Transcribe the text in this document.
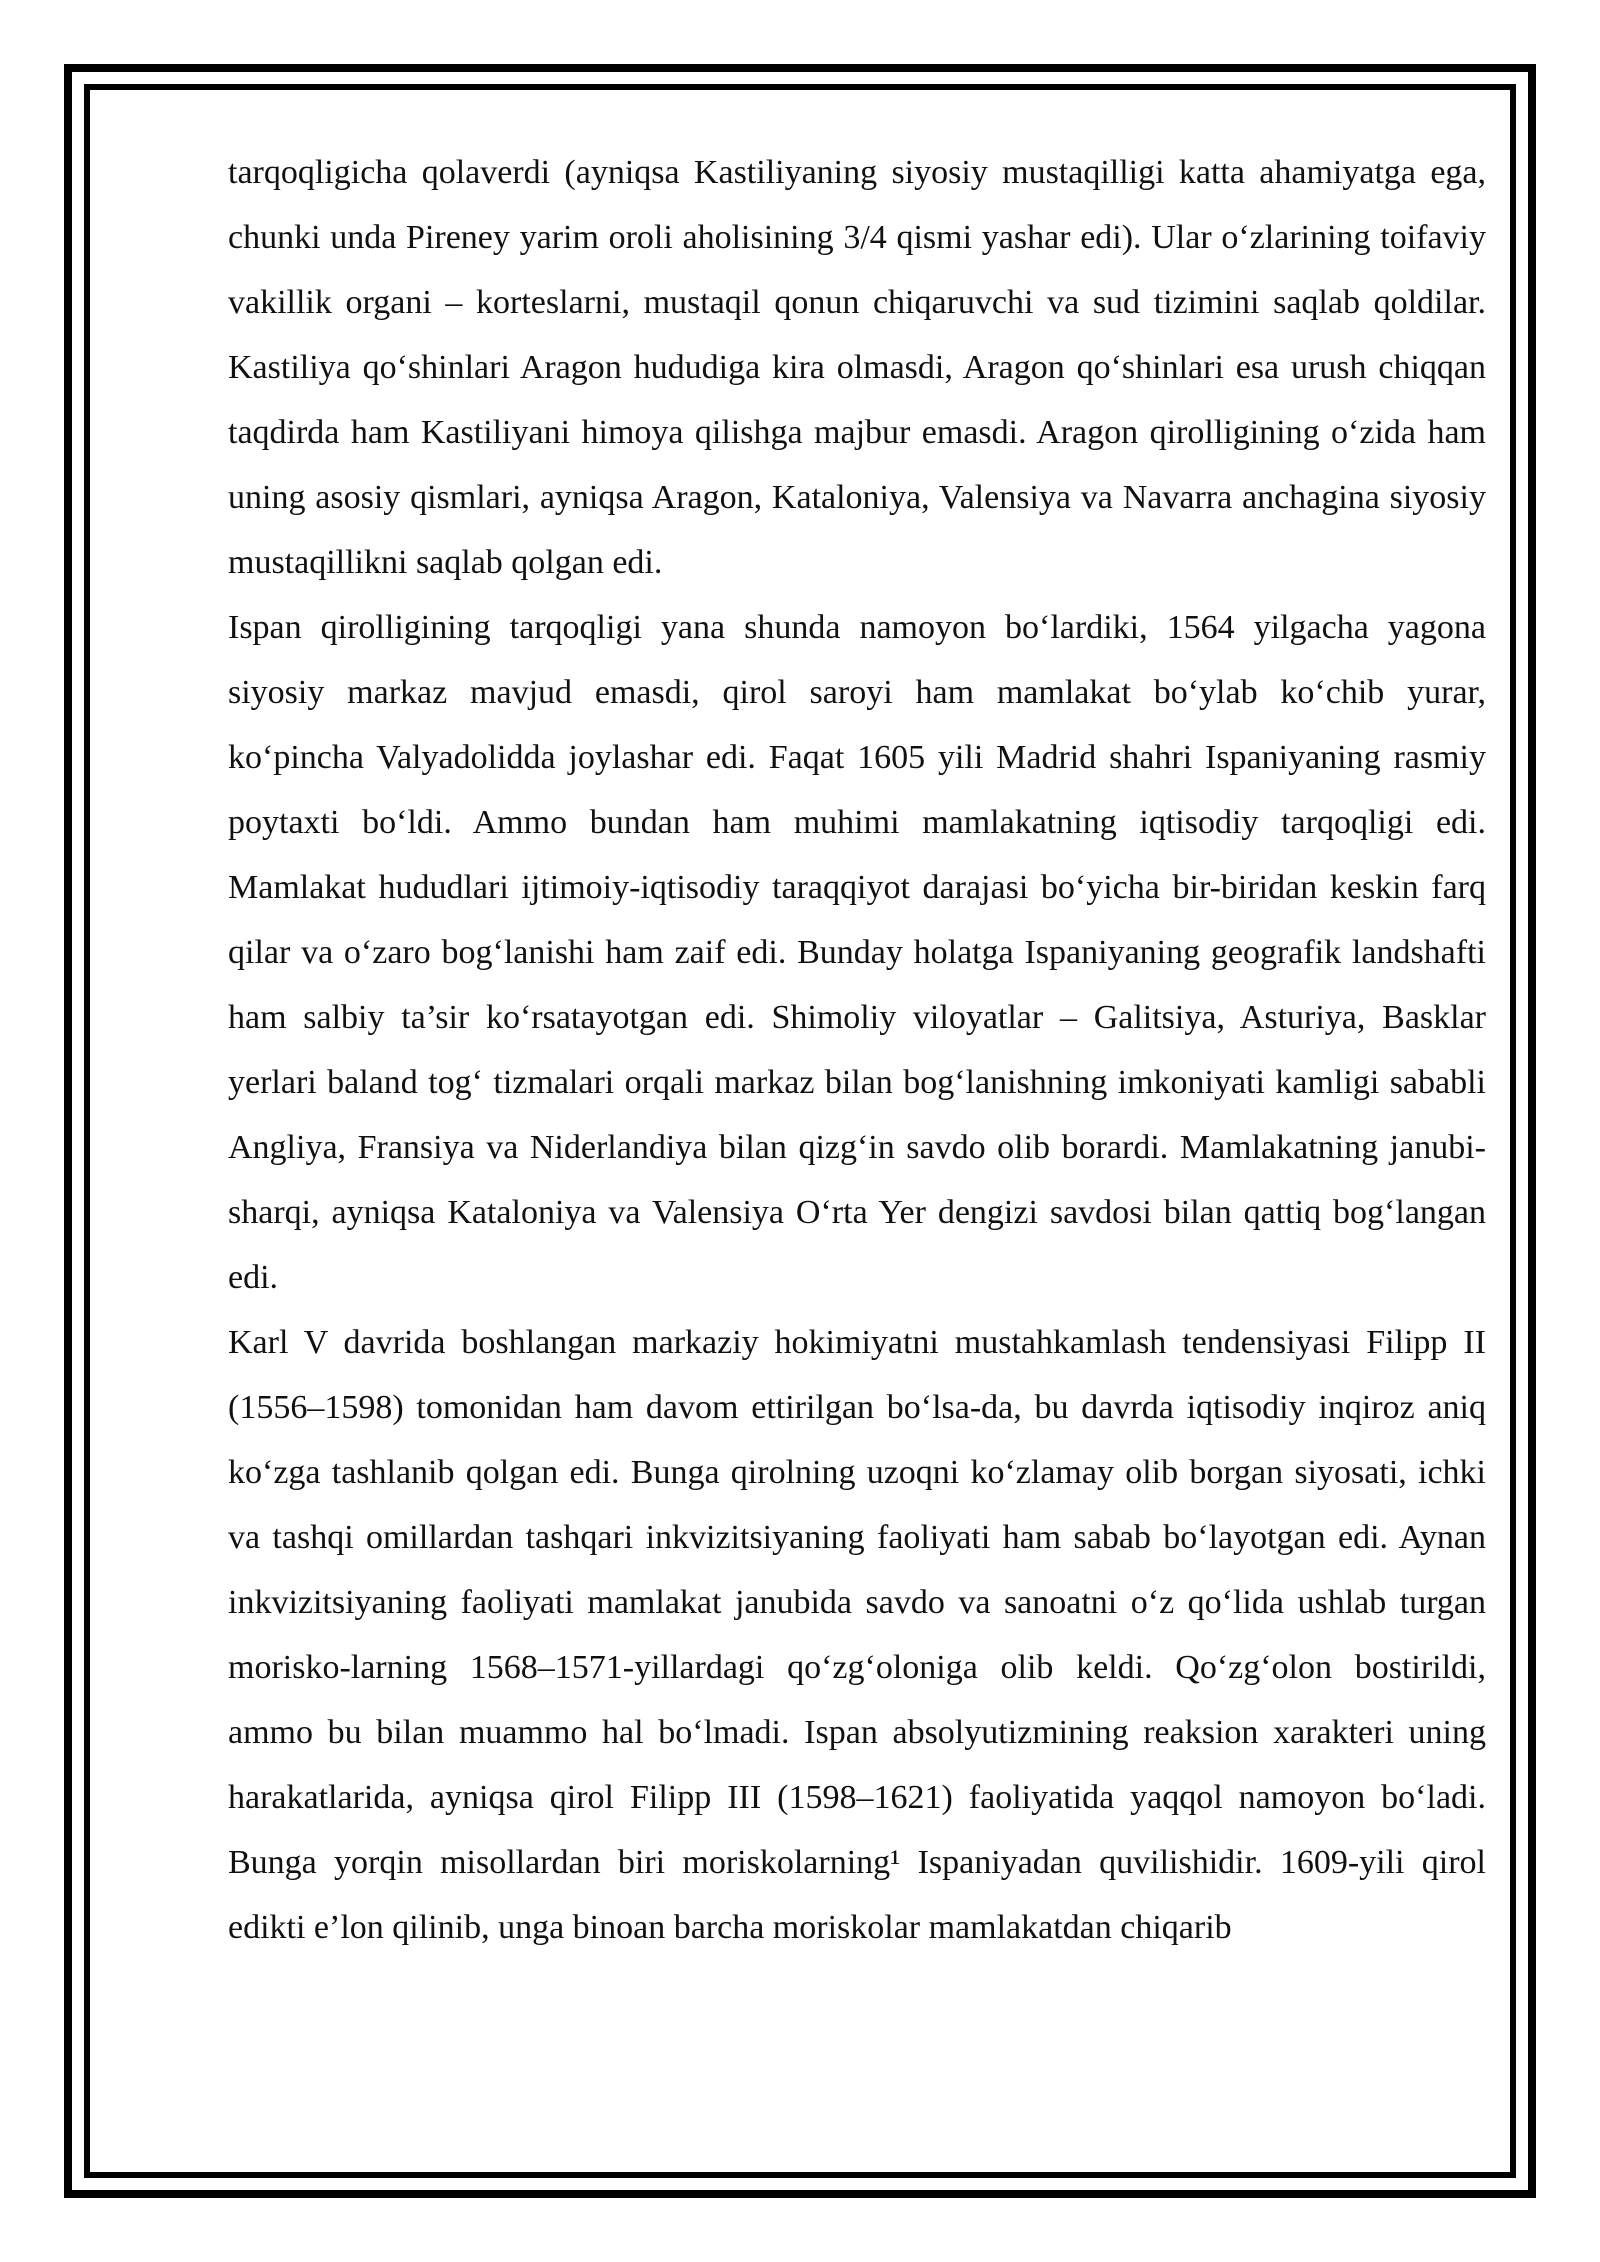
tarqoqligicha qolaverdi (ayniqsa Kastiliyaning siyosiy mustaqilligi katta ahamiyatga ega, chunki unda Pireney yarim oroli aholisining 3/4 qismi yashar edi). Ular o‘zlarining toifaviy vakillik organi – korteslarni, mustaqil qonun chiqaruvchi va sud tizimini saqlab qoldilar. Kastiliya qo‘shinlari Aragon hududiga kira olmasdi, Aragon qo‘shinlari esa urush chiqqan taqdirda ham Kastiliyani himoya qilishga majbur emasdi. Aragon qirolligining o‘zida ham uning asosiy qismlari, ayniqsa Aragon, Kataloniya, Valensiya va Navarra anchagina siyosiy mustaqillikni saqlab qolgan edi.

Ispan qirolligining tarqoqligi yana shunda namoyon bo‘lardiki, 1564 yilgacha yagona siyosiy markaz mavjud emasdi, qirol saroyi ham mamlakat bo‘ylab ko‘chib yurar, ko‘pincha Valyadolidda joylashar edi. Faqat 1605 yili Madrid shahri Ispaniyaning rasmiy poytaxti bo‘ldi. Ammo bundan ham muhimi mamlakatning iqtisodiy tarqoqligi edi. Mamlakat hududlari ijtimoiy-iqtisodiy taraqqiyot darajasi bo‘yicha bir-biridan keskin farq qilar va o‘zaro bog‘lanishi ham zaif edi. Bunday holatga Ispaniyaning geografik landshafti ham salbiy ta’sir ko‘rsatayotgan edi. Shimoliy viloyatlar – Galitsiya, Asturiya, Basklar yerlari baland tog‘ tizmalari orqali markaz bilan bog‘lanishning imkoniyati kamligi sababli Angliya, Fransiya va Niderlandiya bilan qizg‘in savdo olib borardi. Mamlakatning janubi-sharqi, ayniqsa Kataloniya va Valensiya O‘rta Yer dengizi savdosi bilan qattiq bog‘langan edi.

Karl V davrida boshlangan markaziy hokimiyatni mustahkamlash tendensiyasi Filipp II (1556–1598) tomonidan ham davom ettirilgan bo‘lsa-da, bu davrda iqtisodiy inqiroz aniq ko‘zga tashlanib qolgan edi. Bunga qirolning uzoqni ko‘zlamay olib borgan siyosati, ichki va tashqi omillardan tashqari inkvizitsiyaning faoliyati ham sabab bo‘layotgan edi. Aynan inkvizitsiyaning faoliyati mamlakat janubida savdo va sanoatni o‘z qo‘lida ushlab turgan morisko-larning 1568–1571-yillardagi qo‘zg‘oloniga olib keldi. Qo‘zg‘olon bostirildi, ammo bu bilan muammo hal bo‘lmadi. Ispan absolyutizmining reaksion xarakteri uning harakatlarida, ayniqsa qirol Filipp III (1598–1621) faoliyatida yaqqol namoyon bo‘ladi. Bunga yorqin misollardan biri moriskolarning¹ Ispaniyadan quvilishidir. 1609-yili qirol edikti e’lon qilinib, unga binoan barcha moriskolar mamlakatdan chiqarib
